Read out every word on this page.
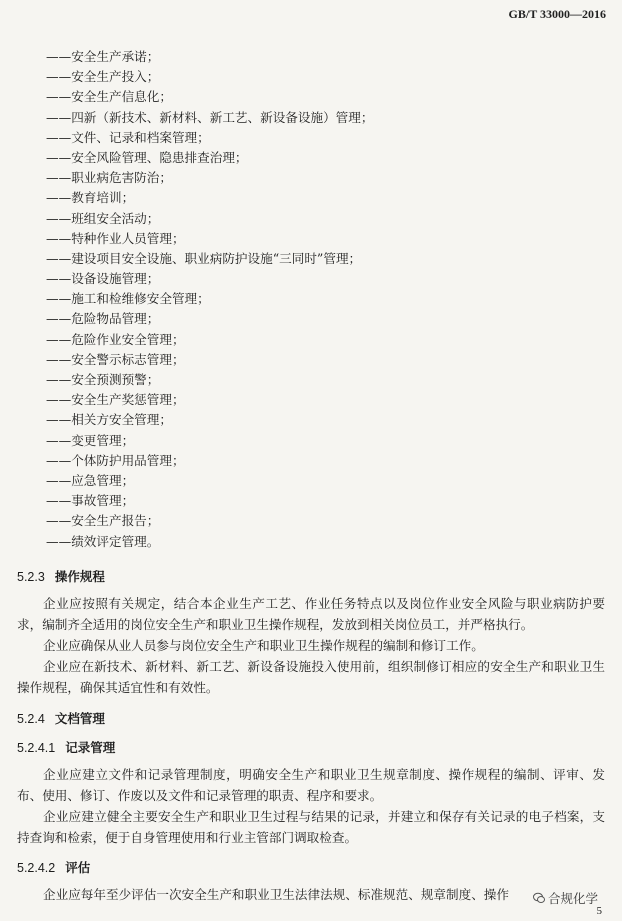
GB/T 33000—2016
——安全生产承诺；
——安全生产投入；
——安全生产信息化；
——四新（新技术、新材料、新工艺、新设备设施）管理；
——文件、记录和档案管理；
——安全风险管理、隐患排查治理；
——职业病危害防治；
——教育培训；
——班组安全活动；
——特种作业人员管理；
——建设项目安全设施、职业病防护设施“三同时”管理；
——设备设施管理；
——施工和检维修安全管理；
——危险物品管理；
——危险作业安全管理；
——安全警示标志管理；
——安全预测预警；
——安全生产奖惩管理；
——相关方安全管理；
——变更管理；
——个体防护用品管理；
——应急管理；
——事故管理；
——安全生产报告；
——绩效评定管理。
5.2.3 操作规程
企业应按照有关规定，结合本企业生产工艺、作业任务特点以及岗位作业安全风险与职业病防护要求，编制齐全适用的岗位安全生产和职业卫生操作规程，发放到相关岗位员工，并严格执行。
企业应确保从业人员参与岗位安全生产和职业卫生操作规程的编制和修订工作。
企业应在新技术、新材料、新工艺、新设备设施投入使用前，组织制修订相应的安全生产和职业卫生操作规程，确保其适宜性和有效性。
5.2.4 文档管理
5.2.4.1 记录管理
企业应建立文件和记录管理制度，明确安全生产和职业卫生规章制度、操作规程的编制、评审、发布、使用、修订、作废以及文件和记录管理的职责、程序和要求。
企业应建立健全主要安全生产和职业卫生过程与结果的记录，并建立和保存有关记录的电子档案，支持查询和检索，便于自身管理使用和行业主管部门调取检查。
5.2.4.2 评估
企业应每年至少评估一次安全生产和职业卫生法律法规、标准规范、规章制度、操作	合规化学
5
